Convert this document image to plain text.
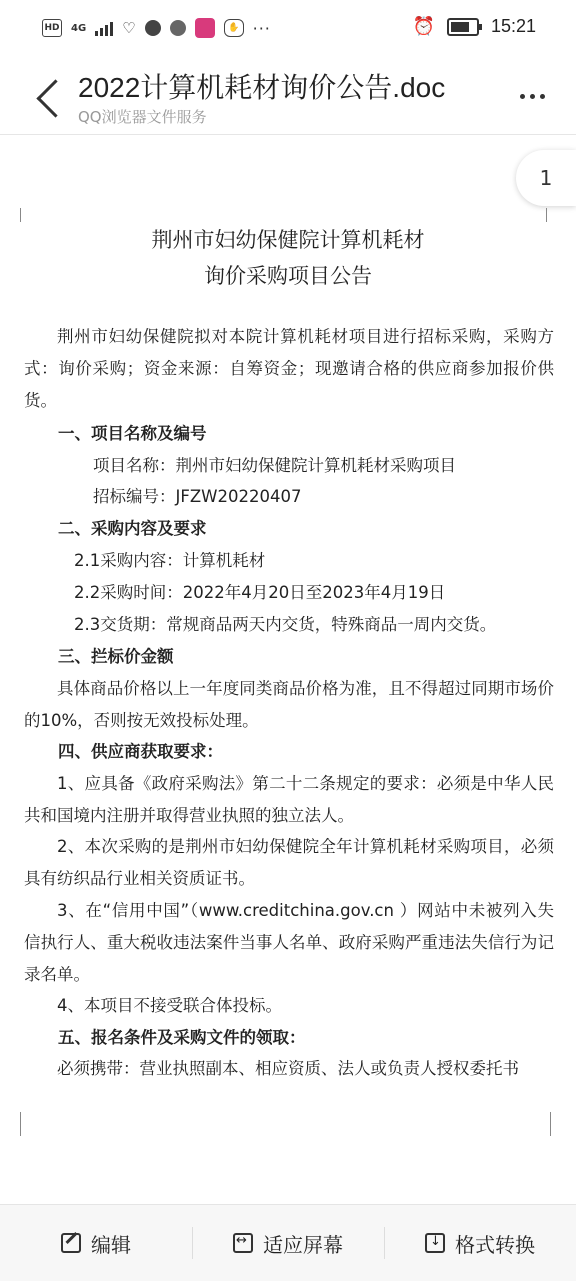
HD 4G ♡	✋ ···	⏰	15:21
2022计算机耗材询价公告.doc
QQ浏览器文件服务
1
荆州市妇幼保健院计算机耗材
询价采购项目公告
荆州市妇幼保健院拟对本院计算机耗材项目进行招标采购，采购方式：询价采购；资金来源：自筹资金；现邀请合格的供应商参加报价供货。
一、项目名称及编号
项目名称：荆州市妇幼保健院计算机耗材采购项目
招标编号：JFZW20220407
二、采购内容及要求
2.1采购内容：计算机耗材
2.2采购时间：2022年4月20日至2023年4月19日
2.3交货期：常规商品两天内交货，特殊商品一周内交货。
三、拦标价金额
具体商品价格以上一年度同类商品价格为准，且不得超过同期市场价的10%，否则按无效投标处理。
四、供应商获取要求：
1、应具备《政府采购法》第二十二条规定的要求：必须是中华人民共和国境内注册并取得营业执照的独立法人。
2、本次采购的是荆州市妇幼保健院全年计算机耗材采购项目，必须具有纺织品行业相关资质证书。
3、在“信用中国”（www.creditchina.gov.cn ）网站中未被列入失信执行人、重大税收违法案件当事人名单、政府采购严重违法失信行为记录名单。
4、本项目不接受联合体投标。
五、报名条件及采购文件的领取：
必须携带：营业执照副本、相应资质、法人或负责人授权委托书
编辑 ↔	适应屏幕 ↓	格式转换
